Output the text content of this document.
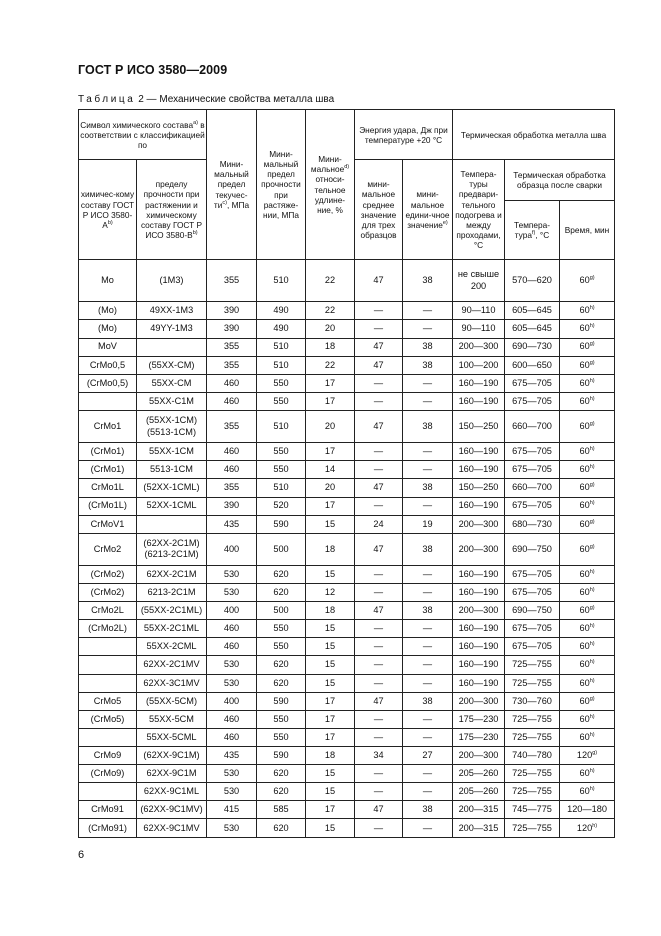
ГОСТ Р ИСО 3580—2009
Таблица 2 — Механические свойства металла шва
Символ химического состава$^{а)}$ в соответствии с классификацией по		Мини-мальный предел текучес-$ти^{c)}$, МПа	Мини-мальный предел прочности при растяже-нии, МПа	Мини-мальное$^{d)}$ относи-тельное удлине-ние, %	Энергия удара, Дж при температуре +20 °С		Термическая обработка металла шва		
химичес-кому составу ГОСТ Р ИСО $3580-А^{b)}$	пределу прочности при растяжении и химическому составу ГОСТ Р ИСО $3580-В^{b)}$				мини-мальное среднее значение для трех образцов	мини-мальное едини-чное значение$^{е)}$	Темпера-туры предвари-тельного подогрева и между проходами, °С	Термическая обработка образца после сварки	
								Темпера-тура$^{f)}$, °С	Время, мин
Mo	(1M3)	355	510	22	47	38	не свыше 200	570—620	60$^{g)}$
(Mo)	49XX-1M3	390	490	22	—	—	90—110	605—645	60$^{h)}$
(Mo)	49YY-1M3	390	490	20	—	—	90—110	605—645	60$^{h)}$
MoV		355	510	18	47	38	200—300	690—730	60$^{g)}$
CrMo0,5	(55XX-CM)	355	510	22	47	38	100—200	600—650	60$^{g)}$
(CrMo0,5)	55XX-CM	460	550	17	—	—	160—190	675—705	60$^{h)}$
	55XX-C1M	460	550	17	—	—	160—190	675—705	60$^{h)}$
CrMo1	(55XX-1CM) (5513-1CM)	355	510	20	47	38	150—250	660—700	60$^{g)}$
(CrMo1)	55XX-1CM	460	550	17	—	—	160—190	675—705	60$^{h)}$
(CrMo1)	5513-1CM	460	550	14	—	—	160—190	675—705	60$^{h)}$
CrMo1L	(52XX-1CML)	355	510	20	47	38	150—250	660—700	60$^{g)}$
(CrMo1L)	52XX-1CML	390	520	17	—	—	160—190	675—705	60$^{h)}$
CrMoV1		435	590	15	24	19	200—300	680—730	60$^{g)}$
CrMo2	(62XX-2C1M) (6213-2C1M)	400	500	18	47	38	200—300	690—750	60$^{g)}$
(CrMo2)	62XX-2C1M	530	620	15	—	—	160—190	675—705	60$^{h)}$
(CrMo2)	6213-2C1M	530	620	12	—	—	160—190	675—705	60$^{h)}$
CrMo2L	(55XX-2C1ML)	400	500	18	47	38	200—300	690—750	60$^{g)}$
(CrMo2L)	55XX-2C1ML	460	550	15	—	—	160—190	675—705	60$^{h)}$
	55XX-2CML	460	550	15	—	—	160—190	675—705	60$^{h)}$
	62XX-2C1MV	530	620	15	—	—	160—190	725—755	60$^{h)}$
	62XX-3C1MV	530	620	15	—	—	160—190	725—755	60$^{h)}$
CrMo5	(55XX-5CM)	400	590	17	47	38	200—300	730—760	60$^{g)}$
(CrMo5)	55XX-5CM	460	550	17	—	—	175—230	725—755	60$^{h)}$
	55XX-5CML	460	550	17	—	—	175—230	725—755	60$^{h)}$
CrMo9	(62XX-9C1M)	435	590	18	34	27	200—300	740—780	120$^{g)}$
(CrMo9)	62XX-9C1M	530	620	15	—	—	205—260	725—755	60$^{h)}$
	62XX-9C1ML	530	620	15	—	—	205—260	725—755	60$^{h)}$
CrMo91	(62XX-9C1MV)	415	585	17	47	38	200—315	745—775	120—180
(CrMo91)	62XX-9C1MV	530	620	15	—	—	200—315	725—755	120$^{h)}$
6
